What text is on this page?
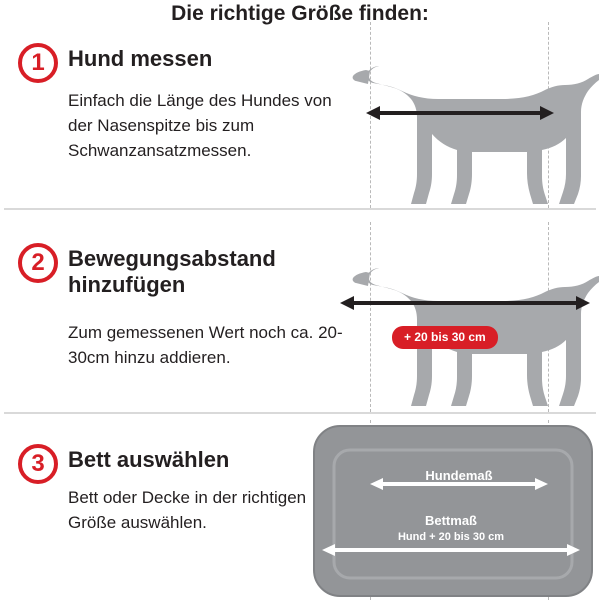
Die richtige Größe finden:
1	Hund messen
Einfach die Länge des Hundes von der Nasenspitze bis zum Schwanzansatzmessen.
2	Bewegungsabstand hinzufügen
Zum gemessenen Wert noch ca. 20-30cm hinzu addieren.
+ 20 bis 30 cm
3	Bett auswählen
Bett oder Decke in der richtigen Größe auswählen.
Hundemaß
Bettmaß
Hund + 20 bis 30 cm
